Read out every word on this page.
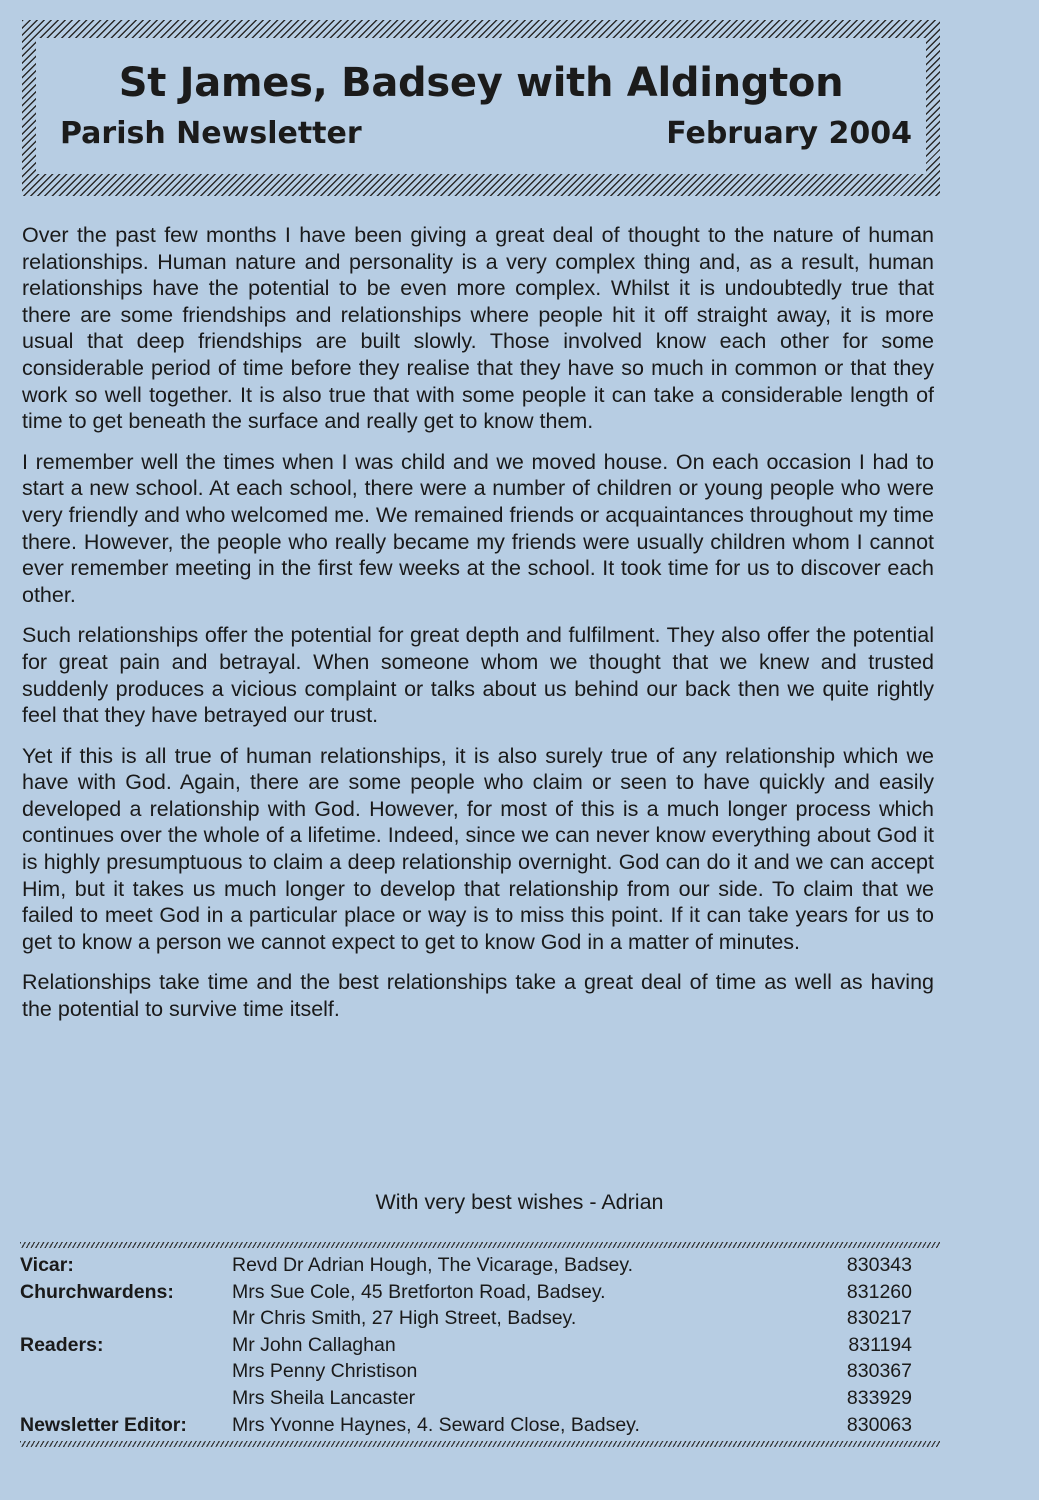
St James, Badsey with Aldington
Parish Newsletter	February 2004

Over the past few months I have been giving a great deal of thought to the nature of human relationships. Human nature and personality is a very complex thing and, as a result, human relationships have the potential to be even more complex. Whilst it is undoubtedly true that there are some friendships and relationships where people hit it off straight away, it is more usual that deep friendships are built slowly. Those involved know each other for some considerable period of time before they realise that they have so much in common or that they work so well together. It is also true that with some people it can take a considerable length of time to get beneath the surface and really get to know them.

I remember well the times when I was child and we moved house. On each occasion I had to start a new school. At each school, there were a number of children or young people who were very friendly and who welcomed me. We remained friends or acquaintances throughout my time there. However, the people who really became my friends were usually children whom I cannot ever remember meeting in the first few weeks at the school. It took time for us to discover each other.

Such relationships offer the potential for great depth and fulfilment. They also offer the potential for great pain and betrayal. When someone whom we thought that we knew and trusted suddenly produces a vicious complaint or talks about us behind our back then we quite rightly feel that they have betrayed our trust.

Yet if this is all true of human relationships, it is also surely true of any relationship which we have with God. Again, there are some people who claim or seen to have quickly and easily developed a relationship with God. However, for most of this is a much longer process which continues over the whole of a lifetime. Indeed, since we can never know everything about God it is highly presumptuous to claim a deep relationship overnight. God can do it and we can accept Him, but it takes us much longer to develop that relationship from our side. To claim that we failed to meet God in a particular place or way is to miss this point. If it can take years for us to get to know a person we cannot expect to get to know God in a matter of minutes.

Relationships take time and the best relationships take a great deal of time as well as having the potential to survive time itself.

With very best wishes - Adrian
Vicar:	Revd Dr Adrian Hough, The Vicarage, Badsey.	830343
Churchwardens:	Mrs Sue Cole, 45 Bretforton Road, Badsey.	831260
	Mr Chris Smith, 27 High Street, Badsey.	830217
Readers:	Mr John Callaghan	831194
	Mrs Penny Christison	830367
	Mrs Sheila Lancaster	833929
Newsletter Editor:	Mrs Yvonne Haynes, 4. Seward Close, Badsey.	830063
